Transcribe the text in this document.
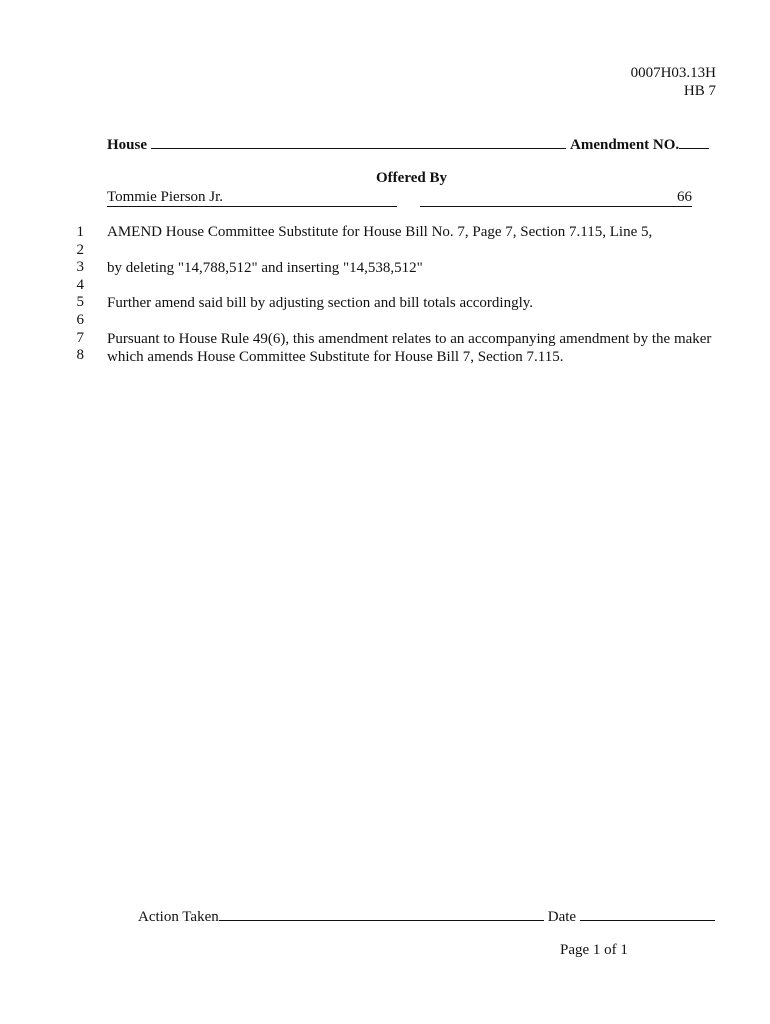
0007H03.13H
HB 7
House	Amendment NO.
Offered By
Tommie Pierson Jr.	66
1
2
3
4
5
6
7
8
AMEND House Committee Substitute for House Bill No. 7, Page 7, Section 7.115, Line 5,
by deleting "14,788,512" and inserting "14,538,512"
Further amend said bill by adjusting section and bill totals accordingly.
Pursuant to House Rule 49(6), this amendment relates to an accompanying amendment by the maker
which amends House Committee Substitute for House Bill 7, Section 7.115.
Action Taken	Date
Page 1 of 1
